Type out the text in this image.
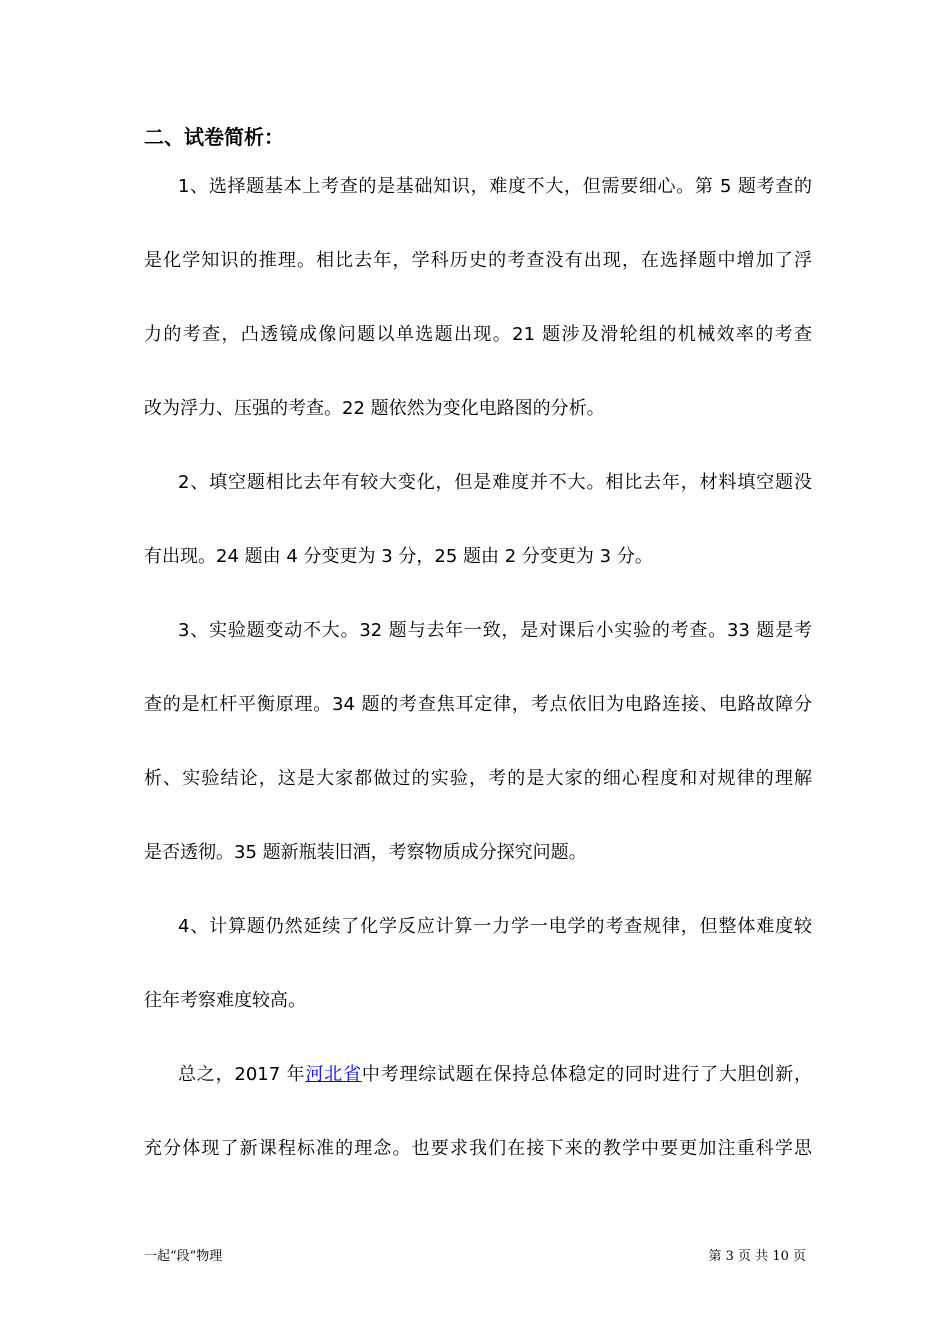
二、试卷简析：
1、选择题基本上考查的是基础知识，难度不大，但需要细心。第 5 题考查的
是化学知识的推理。相比去年，学科历史的考查没有出现，在选择题中增加了浮
力的考查，凸透镜成像问题以单选题出现。21 题涉及滑轮组的机械效率的考查
改为浮力、压强的考查。22 题依然为变化电路图的分析。
2、填空题相比去年有较大变化，但是难度并不大。相比去年，材料填空题没
有出现。24 题由 4 分变更为 3 分，25 题由 2 分变更为 3 分。
3、实验题变动不大。32 题与去年一致，是对课后小实验的考查。33 题是考
查的是杠杆平衡原理。34 题的考查焦耳定律，考点依旧为电路连接、电路故障分
析、实验结论，这是大家都做过的实验，考的是大家的细心程度和对规律的理解
是否透彻。35 题新瓶装旧酒，考察物质成分探究问题。
4、计算题仍然延续了化学反应计算一力学一电学的考查规律，但整体难度较
往年考察难度较高。
总之，2017 年河北省中考理综试题在保持总体稳定的同时进行了大胆创新，
充分体现了新课程标准的理念。也要求我们在接下来的教学中要更加注重科学思
一起“段”物理	第 3 页 共 10 页
